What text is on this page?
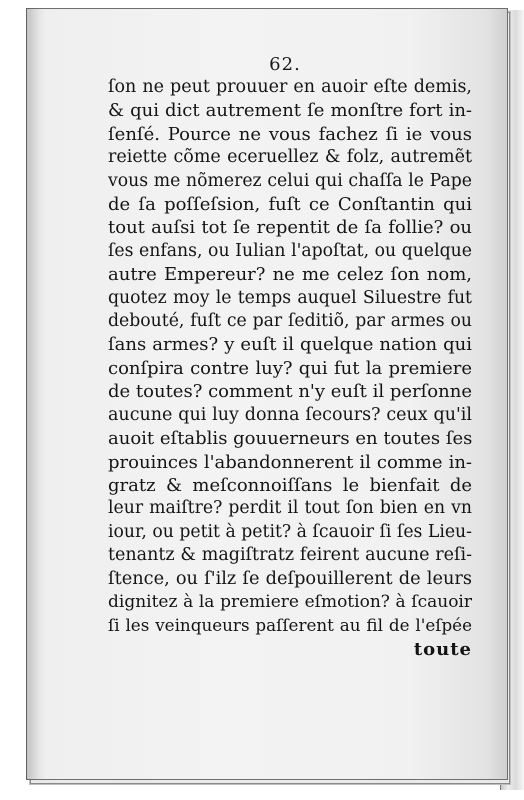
62.
ſon ne peut prouuer en auoir eſte demis,
& qui dict autrement ſe monſtre fort in-
ſenſé. Pource ne vous fachez ſi ie vous
reiette cõme eceruellez & folz, autremẽt
vous me nõmerez celui qui chaſſa le Pape
de ſa poſſeſsion, fuſt ce Conſtantin qui
tout auſsi tot ſe repentit de ſa follie? ou
ſes enfans, ou Iulian l'apoſtat, ou quelque
autre Empereur? ne me celez ſon nom,
quotez moy le temps auquel Siluestre fut
debouté, fuſt ce par ſeditiõ, par armes ou
ſans armes? y euſt il quelque nation qui
conſpira contre luy? qui fut la premiere
de toutes? comment n'y euſt il perſonne
aucune qui luy donna ſecours? ceux qu'il
auoit eſtablis gouuerneurs en toutes ſes
prouinces l'abandonnerent il comme in-
gratz & meſconnoiſſans le bienfait de
leur maiſtre? perdit il tout ſon bien en vn
iour, ou petit à petit? à ſcauoir ſi ſes Lieu-
tenantz & magiſtratz feirent aucune reſi-
ſtence, ou ſ'ilz ſe deſpouillerent de leurs
dignitez à la premiere eſmotion? à ſcauoir
ſi les veinqueurs paſſerent au fil de l'eſpée
toute
